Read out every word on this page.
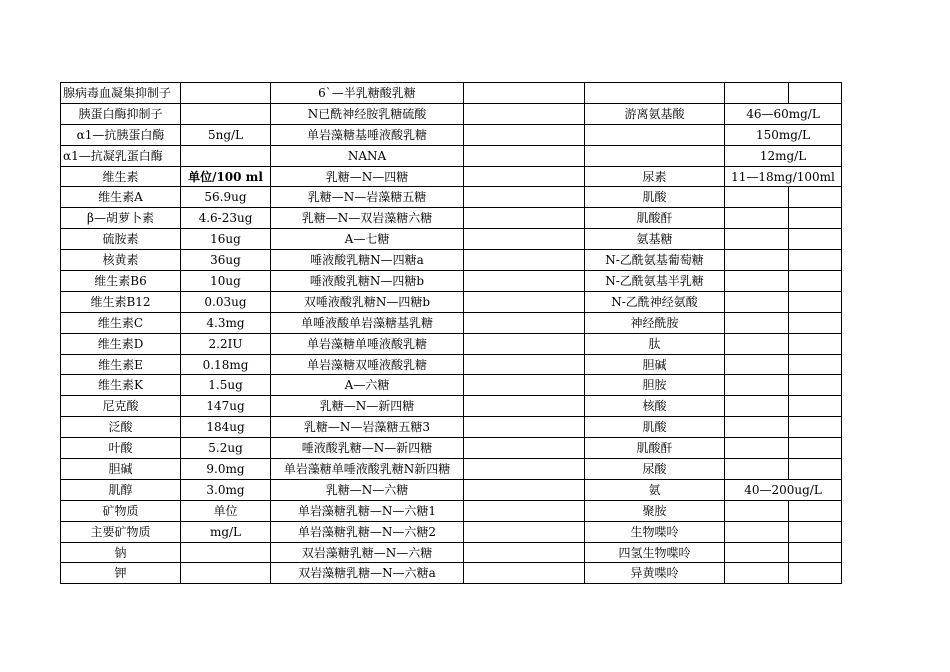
腺病毒血凝集抑制子		6`—半乳糖酸乳糖				
胰蛋白酶抑制子		N已酰神经胺乳糖硫酸		游离氨基酸	46—60mg/L	
α1—抗胰蛋白酶	5ng/L	单岩藻糖基唾液酸乳糖			150mg/L	
α1—抗凝乳蛋白酶		NANA			12mg/L	
维生素	单位/100 ml	乳糖—N—四糖		尿素	11—18mg/100ml	
维生素A	56.9ug	乳糖—N—岩藻糖五糖		肌酸		
β—胡萝卜素	4.6-23ug	乳糖—N—双岩藻糖六糖		肌酸酐		
硫胺素	16ug	A—七糖		氨基糖		
核黄素	36ug	唾液酸乳糖N—四糖a		N-乙酰氨基葡萄糖		
维生素B6	10ug	唾液酸乳糖N—四糖b		N-乙酰氨基半乳糖		
维生素B12	0.03ug	双唾液酸乳糖N—四糖b		N-乙酰神经氨酸		
维生素C	4.3mg	单唾液酸单岩藻糖基乳糖		神经酰胺		
维生素D	2.2IU	单岩藻糖单唾液酸乳糖		肽		
维生素E	0.18mg	单岩藻糖双唾液酸乳糖		胆碱		
维生素K	1.5ug	A—六糖		胆胺		
尼克酸	147ug	乳糖—N—新四糖		核酸		
泛酸	184ug	乳糖—N—岩藻糖五糖3		肌酸		
叶酸	5.2ug	唾液酸乳糖—N—新四糖		肌酸酐		
胆碱	9.0mg	单岩藻糖单唾液酸乳糖N新四糖		尿酸		
肌醇	3.0mg	乳糖—N—六糖		氨	40—200ug/L	
矿物质	单位	单岩藻糖乳糖—N—六糖1		聚胺		
主要矿物质	mg/L	单岩藻糖乳糖—N—六糖2		生物喋呤		
钠		双岩藻糖乳糖—N—六糖		四氢生物喋呤		
钾		双岩藻糖乳糖—N—六糖a		异黄喋呤		
